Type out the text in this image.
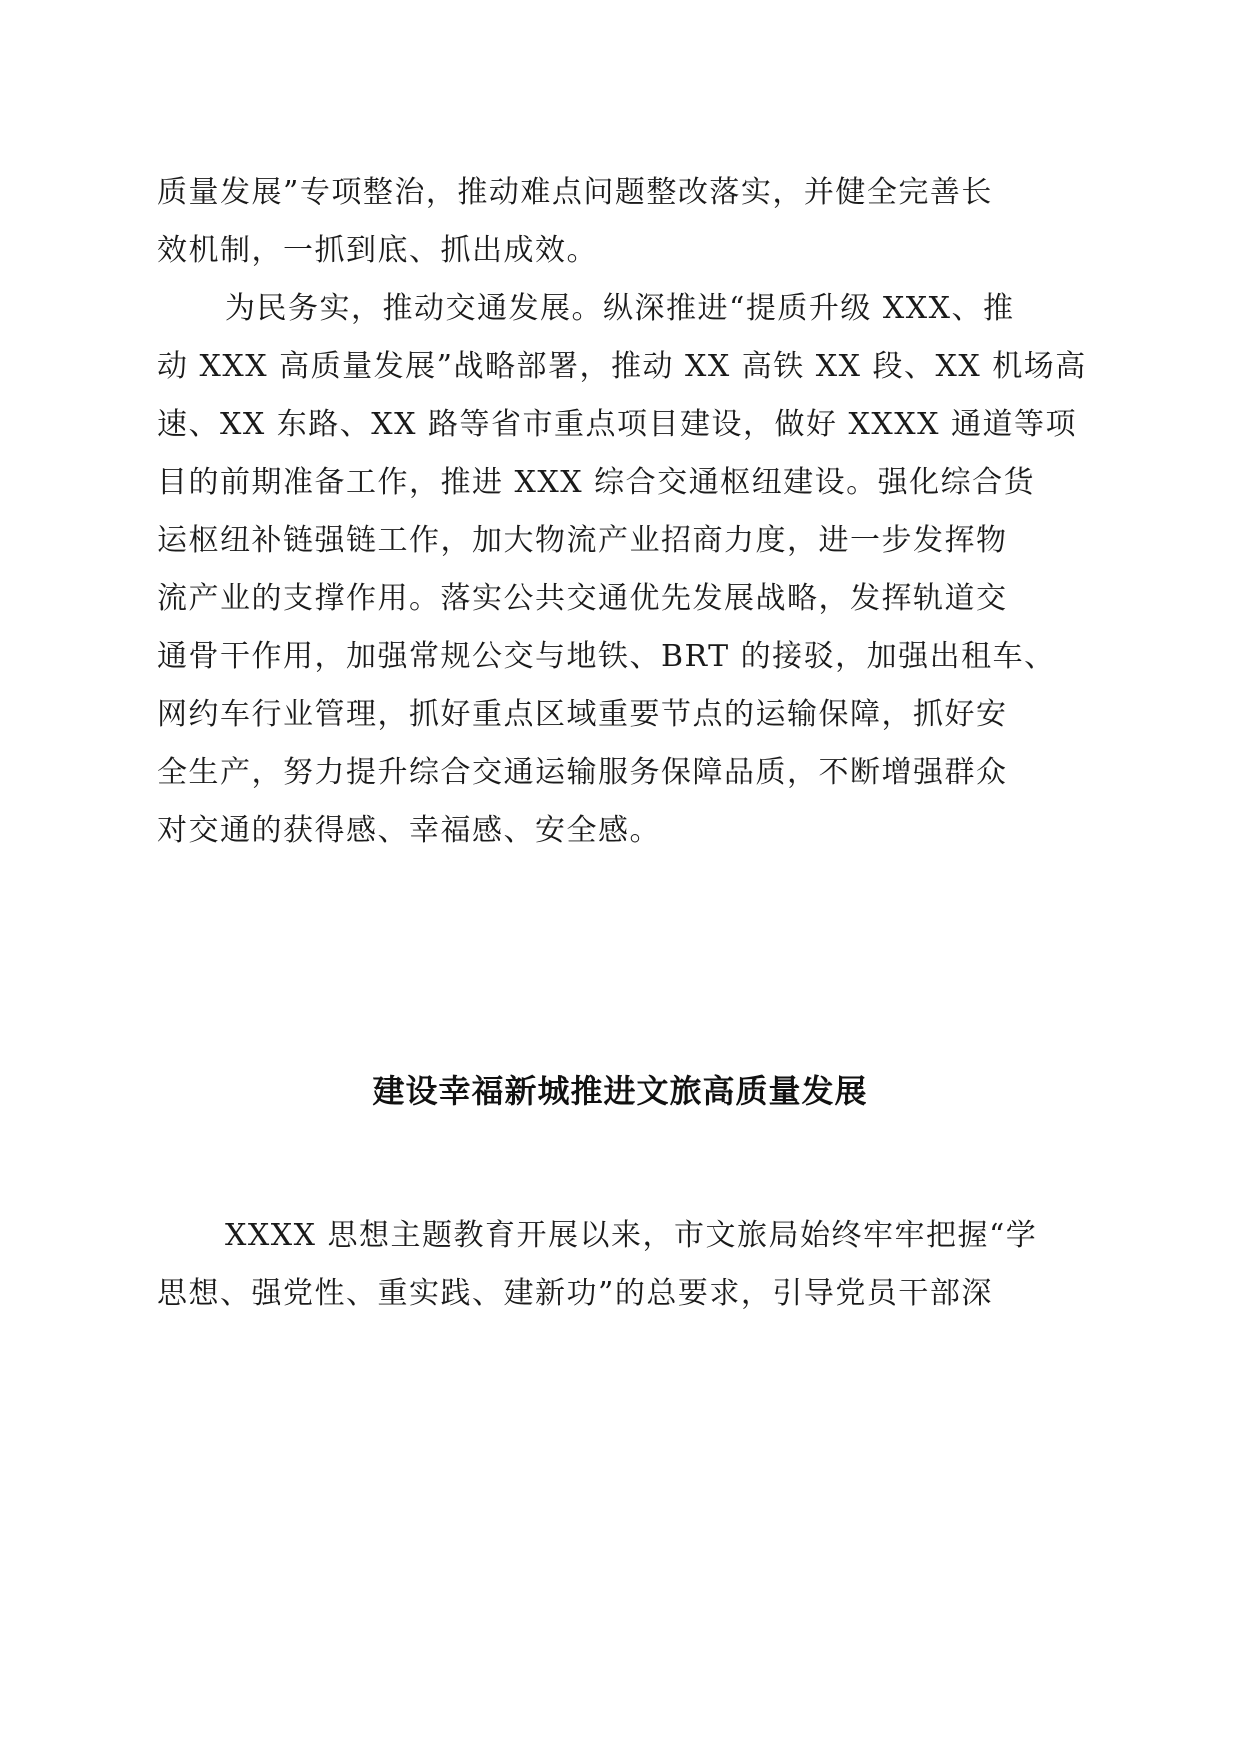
质量发展”专项整治，推动难点问题整改落实，并健全完善长
效机制，一抓到底、抓出成效。
为民务实，推动交通发展。纵深推进“提质升级 XXX、推
动 XXX 高质量发展”战略部署，推动 XX 高铁 XX 段、XX 机场高
速、XX 东路、XX 路等省市重点项目建设，做好 XXXX 通道等项
目的前期准备工作，推进 XXX 综合交通枢纽建设。强化综合货
运枢纽补链强链工作，加大物流产业招商力度，进一步发挥物
流产业的支撑作用。落实公共交通优先发展战略，发挥轨道交
通骨干作用，加强常规公交与地铁、BRT 的接驳，加强出租车、
网约车行业管理，抓好重点区域重要节点的运输保障，抓好安
全生产，努力提升综合交通运输服务保障品质，不断增强群众
对交通的获得感、幸福感、安全感。
建设幸福新城推进文旅高质量发展
XXXX 思想主题教育开展以来，市文旅局始终牢牢把握“学
思想、强党性、重实践、建新功”的总要求，引导党员干部深
